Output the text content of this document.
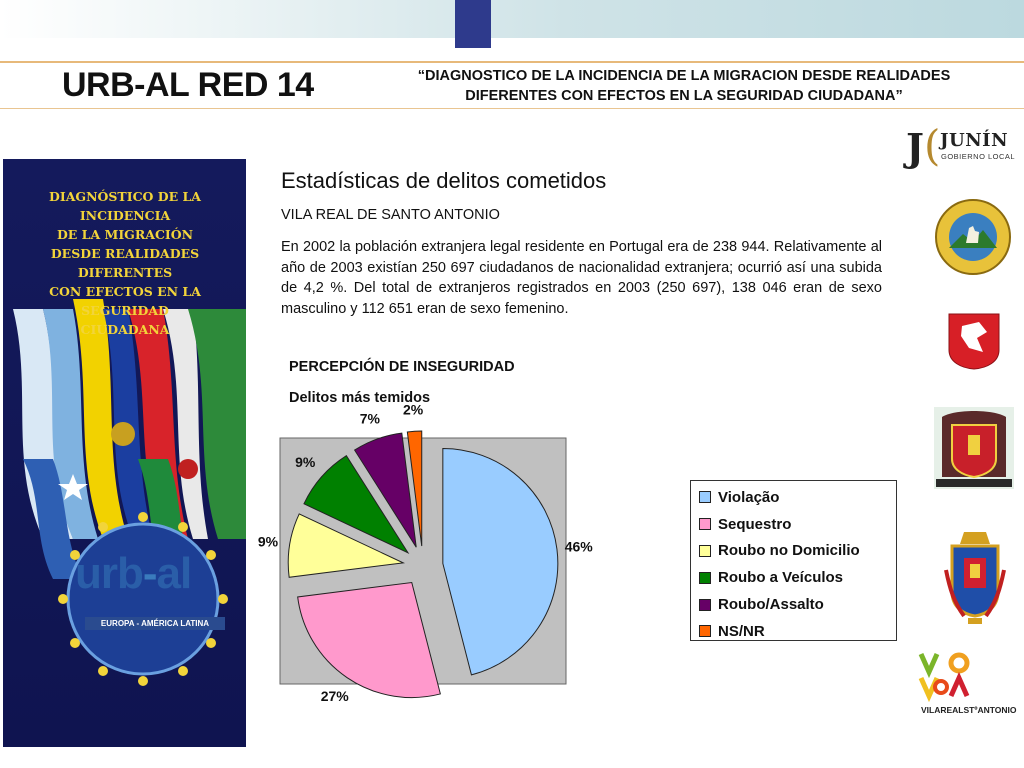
URB-AL RED 14	“DIAGNOSTICO DE LA INCIDENCIA DE LA MIGRACION DESDE REALIDADES
DIFERENTES CON EFECTOS EN LA SEGURIDAD CIUDADANA”
DIAGNÓSTICO DE LA INCIDENCIA
DE LA MIGRACIÓN
DESDE REALIDADES DIFERENTES
CON EFECTOS EN LA SEGURIDAD
CIUDADANA
urb-al
EUROPA - AMÉRICA LATINA
Estadísticas de delitos cometidos
VILA REAL DE SANTO ANTONIO
En 2002 la población extranjera legal residente en Portugal era de 238 944. Relativamente al año de 2003 existían 250 697 ciudadanos de nacionalidad extranjera; ocurrió así una subida de 4,2 %. Del total de extranjeros registrados en 2003 (250 697), 138 046 eran de sexo masculino y 112 651 eran de sexo femenino.
PERCEPCIÓN DE INSEGURIDAD
Delitos más temidos
46%
27%
9%
9%
7%
2%
Violação
Sequestro
Roubo no Domicilio
Roubo a Veículos
Roubo/Assalto
NS/NR
J ( JUNÍN
GOBIERNO LOCAL
VILAREALSTºANTONIO
